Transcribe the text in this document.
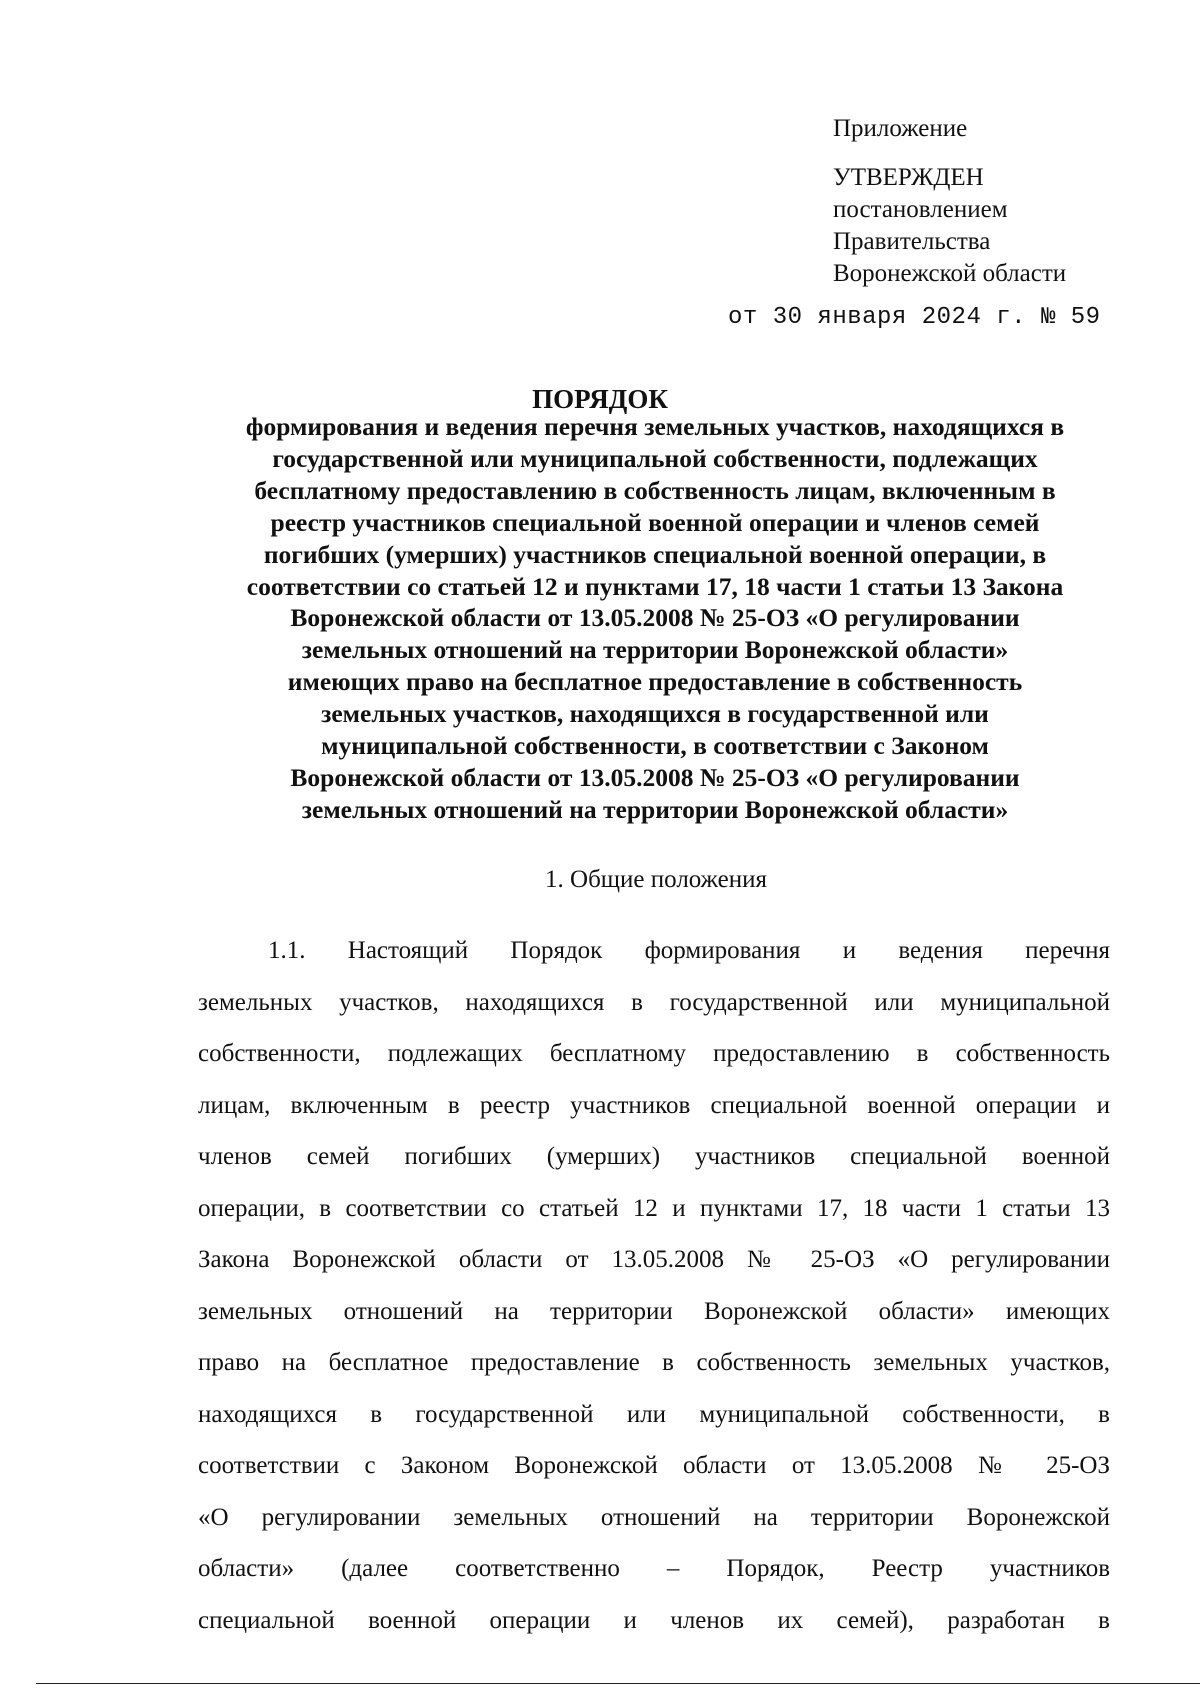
Приложение
УТВЕРЖДЕН
постановлением
Правительства
Воронежской области
от 30 января 2024 г. № 59
ПОРЯДОК
формирования и ведения перечня земельных участков, находящихся в
государственной или муниципальной собственности, подлежащих
бесплатному предоставлению в собственность лицам, включенным в
реестр участников специальной военной операции и членов семей
погибших (умерших) участников специальной военной операции, в
соответствии со статьей 12 и пунктами 17, 18 части 1 статьи 13 Закона
Воронежской области от 13.05.2008 № 25-ОЗ «О регулировании
земельных отношений на территории Воронежской области»
имеющих право на бесплатное предоставление в собственность
земельных участков, находящихся в государственной или
муниципальной собственности, в соответствии с Законом
Воронежской области от 13.05.2008 № 25-ОЗ «О регулировании
земельных отношений на территории Воронежской области»
1. Общие положения
1.1. Настоящий Порядок формирования и ведения перечня
земельных участков, находящихся в государственной или муниципальной
собственности, подлежащих бесплатному предоставлению в собственность
лицам, включенным в реестр участников специальной военной операции и
членов семей погибших (умерших) участников специальной военной
операции, в соответствии со статьей 12 и пунктами 17, 18 части 1 статьи 13
Закона Воронежской области от 13.05.2008 № 25-ОЗ «О регулировании
земельных отношений на территории Воронежской области» имеющих
право на бесплатное предоставление в собственность земельных участков,
находящихся в государственной или муниципальной собственности, в
соответствии с Законом Воронежской области от 13.05.2008 № 25-ОЗ
«О регулировании земельных отношений на территории Воронежской
области» (далее соответственно – Порядок, Реестр участников
специальной военной операции и членов их семей), разработан в
